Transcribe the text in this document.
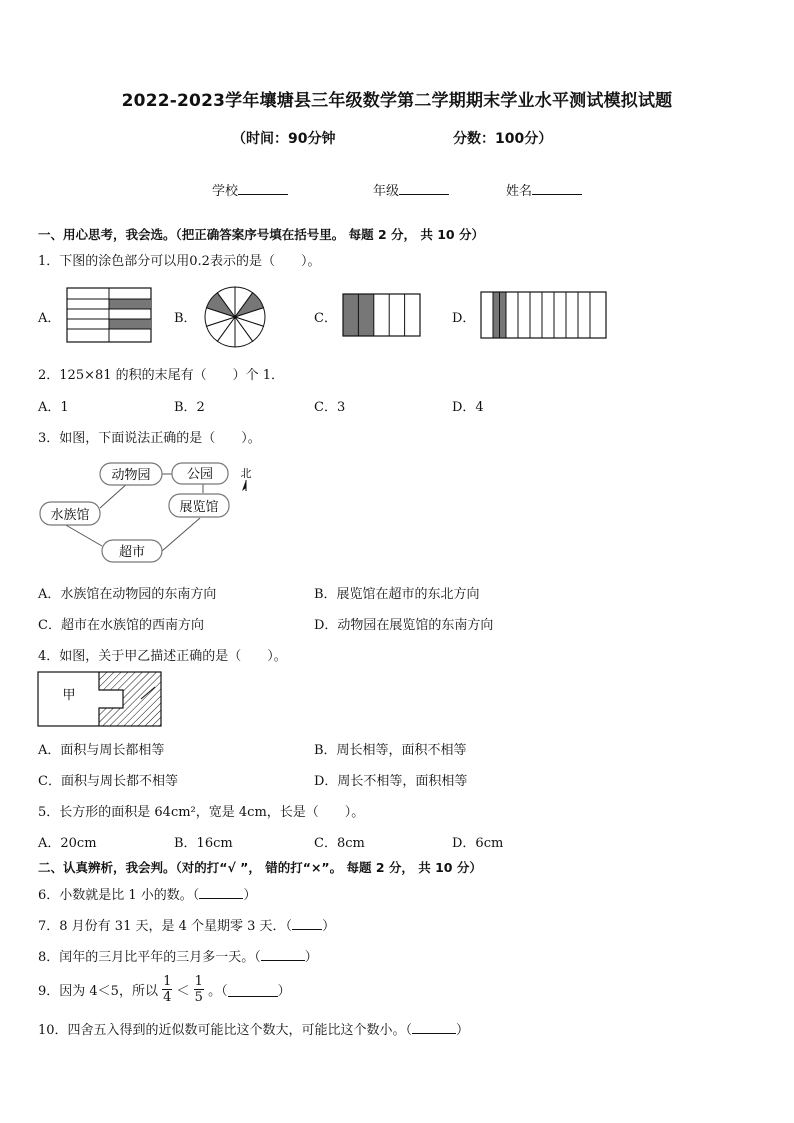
2022-2023学年壤塘县三年级数学第二学期期末学业水平测试模拟试题
（时间：90分钟	分数：100分）
学校	年级	姓名
一、用心思考，我会选。（把正确答案序号填在括号里。 每题 2 分， 共 10 分）
1．下图的涂色部分可以用0.2表示的是（　　）。
A．	B．	C．	D．
2．125×81 的积的末尾有（　　）个 1．
A．1	B．2	C．3	D．4
3．如图，下面说法正确的是（　　）。
动物园	公园
水族馆
展览馆
超市
北
A．水族馆在动物园的东南方向	B．展览馆在超市的东北方向
C．超市在水族馆的西南方向	D．动物园在展览馆的东南方向
4．如图，关于甲乙描述正确的是（　　）。
甲
A．面积与周长都相等	B．周长相等，面积不相等
C．面积与周长都不相等	D．周长不相等，面积相等
5．长方形的面积是 64cm²，宽是 4cm，长是（　　）。
A．20cm	B．16cm	C．8cm	D．6cm
二、认真辨析，我会判。（对的打“√ ”， 错的打“×”。 每题 2 分， 共 10 分）
6．小数就是比 1 小的数。（	）
7．8 月份有 31 天，是 4 个星期零 3 天．（ ）
8．闰年的三月比平年的三月多一天。（	）
9．因为 4＜5，所以 $\frac{1}{4} < \frac{1}{5}$ 。（	）
10．四舍五入得到的近似数可能比这个数大，可能比这个数小。（	）
